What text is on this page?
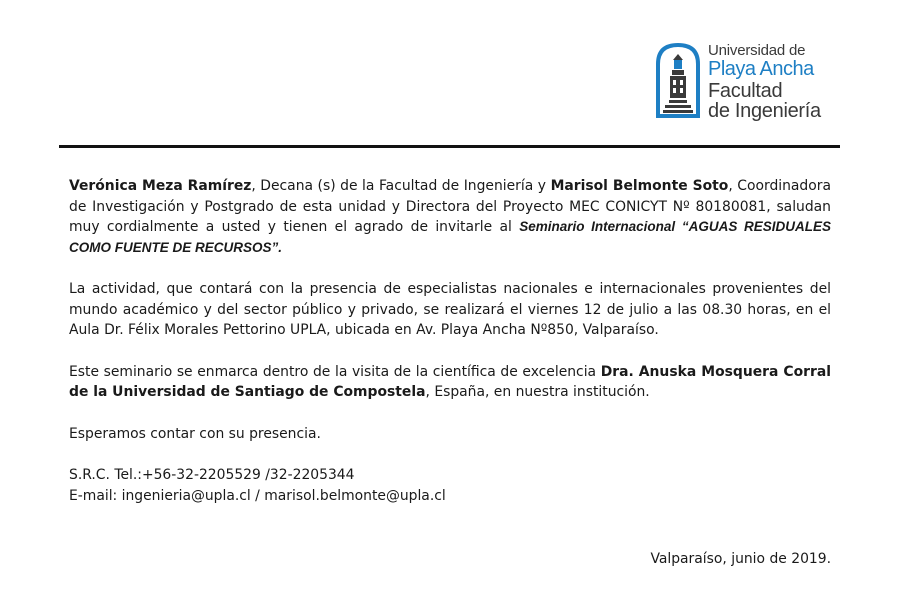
Universidad de
Playa Ancha
Facultad
de Ingeniería

Verónica Meza Ramírez, Decana (s) de la Facultad de Ingeniería y Marisol Belmonte Soto, Coordinadora de Investigación y Postgrado de esta unidad y Directora del Proyecto MEC CONICYT Nº 80180081, saludan muy cordialmente a usted y tienen el agrado de invitarle al Seminario Internacional “AGUAS RESIDUALES COMO FUENTE DE RECURSOS”.

La actividad, que contará con la presencia de especialistas nacionales e internacionales provenientes del mundo académico y del sector público y privado, se realizará el viernes 12 de julio a las 08.30 horas, en el Aula Dr. Félix Morales Pettorino UPLA, ubicada en Av. Playa Ancha Nº850, Valparaíso.

Este seminario se enmarca dentro de la visita de la científica de excelencia Dra. Anuska Mosquera Corral de la Universidad de Santiago de Compostela, España, en nuestra institución.

Esperamos contar con su presencia.

S.R.C. Tel.:+56-32-2205529 /32-2205344

E-mail: ingenieria@upla.cl / marisol.belmonte@upla.cl

Valparaíso, junio de 2019.
